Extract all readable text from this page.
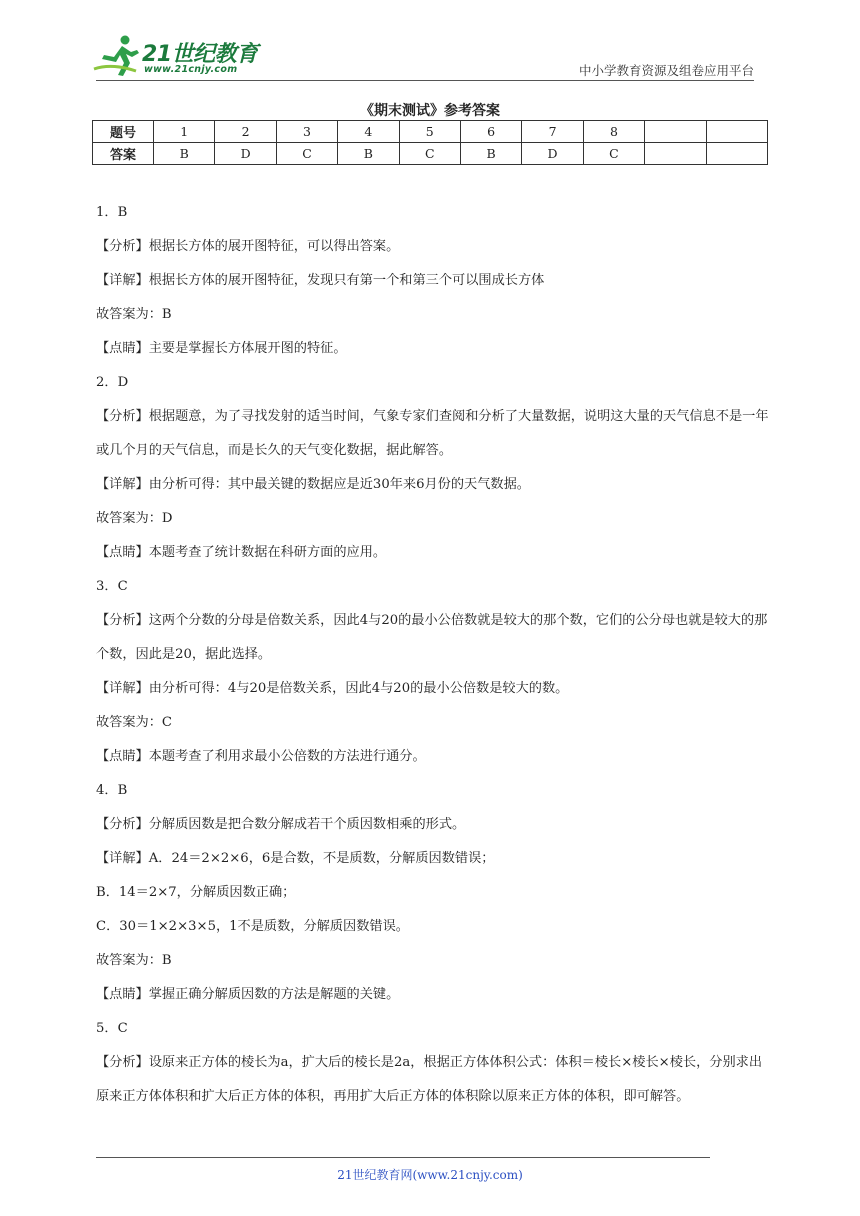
21世纪教育
www.21cnjy.com	中小学教育资源及组卷应用平台
《期末测试》参考答案
题号	1	2	3	4	5	6	7	8		
答案	B	D	C	B	C	B	D	C		

1．B

【分析】根据长方体的展开图特征，可以得出答案。

【详解】根据长方体的展开图特征，发现只有第一个和第三个可以围成长方体

故答案为：B

【点睛】主要是掌握长方体展开图的特征。

2．D

【分析】根据题意，为了寻找发射的适当时间，气象专家们查阅和分析了大量数据，说明这大量的天气信息不是一年或几个月的天气信息，而是长久的天气变化数据，据此解答。

【详解】由分析可得：其中最关键的数据应是近30年来6月份的天气数据。

故答案为：D

【点睛】本题考查了统计数据在科研方面的应用。

3．C

【分析】这两个分数的分母是倍数关系，因此4与20的最小公倍数就是较大的那个数，它们的公分母也就是较大的那个数，因此是20，据此选择。

【详解】由分析可得：4与20是倍数关系，因此4与20的最小公倍数是较大的数。

故答案为：C

【点睛】本题考查了利用求最小公倍数的方法进行通分。

4．B

【分析】分解质因数是把合数分解成若干个质因数相乘的形式。

【详解】A．24＝2×2×6，6是合数，不是质数，分解质因数错误；

B．14＝2×7，分解质因数正确；

C．30＝1×2×3×5，1不是质数，分解质因数错误。

故答案为：B

【点睛】掌握正确分解质因数的方法是解题的关键。

5．C

【分析】设原来正方体的棱长为a，扩大后的棱长是2a，根据正方体体积公式：体积＝棱长×棱长×棱长，分别求出原来正方体体积和扩大后正方体的体积，再用扩大后正方体的体积除以原来正方体的体积，即可解答。

21世纪教育网(www.21cnjy.com)
